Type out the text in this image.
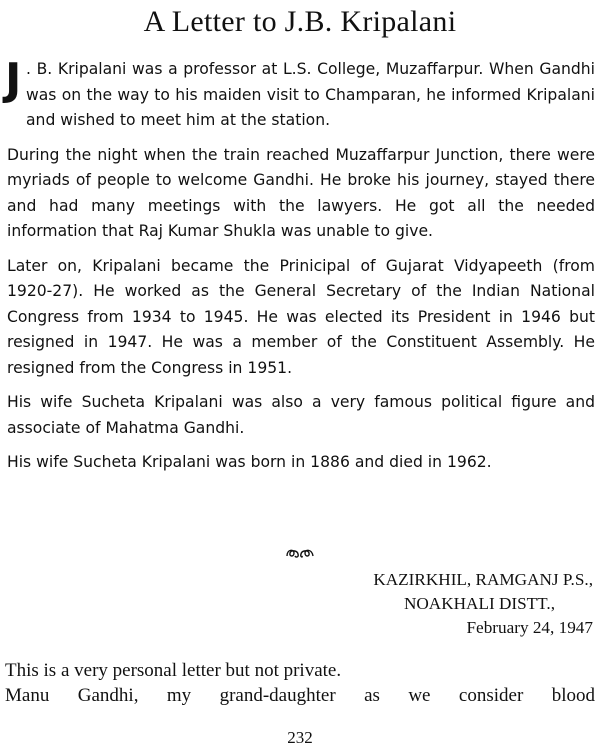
A Letter to J.B. Kripalani

J . B. Kripalani was a professor at L.S. College, Muzaffarpur. When Gandhi was on the way to his maiden visit to Champaran, he informed Kripalani and wished to meet him at the station.

During the night when the train reached Muzaffarpur Junction, there were myriads of people to welcome Gandhi. He broke his journey, stayed there and had many meetings with the lawyers. He got all the needed information that Raj Kumar Shukla was unable to give.

Later on, Kripalani became the Prinicipal of Gujarat Vidyapeeth (from 1920-27). He worked as the General Secretary of the Indian National Congress from 1934 to 1945. He was elected its President in 1946 but resigned in 1947. He was a member of the Constituent Assembly. He resigned from the Congress in 1951.

His wife Sucheta Kripalani was also a very famous political figure and associate of Mahatma Gandhi.

His wife Sucheta Kripalani was born in 1886 and died in 1962.

KAZIRKHIL, RAMGANJ P.S.,
NOAKHALI DISTT.,
February 24, 1947
This is a very personal letter but not private.
Manu Gandhi, my grand-daughter as we consider blood
232
